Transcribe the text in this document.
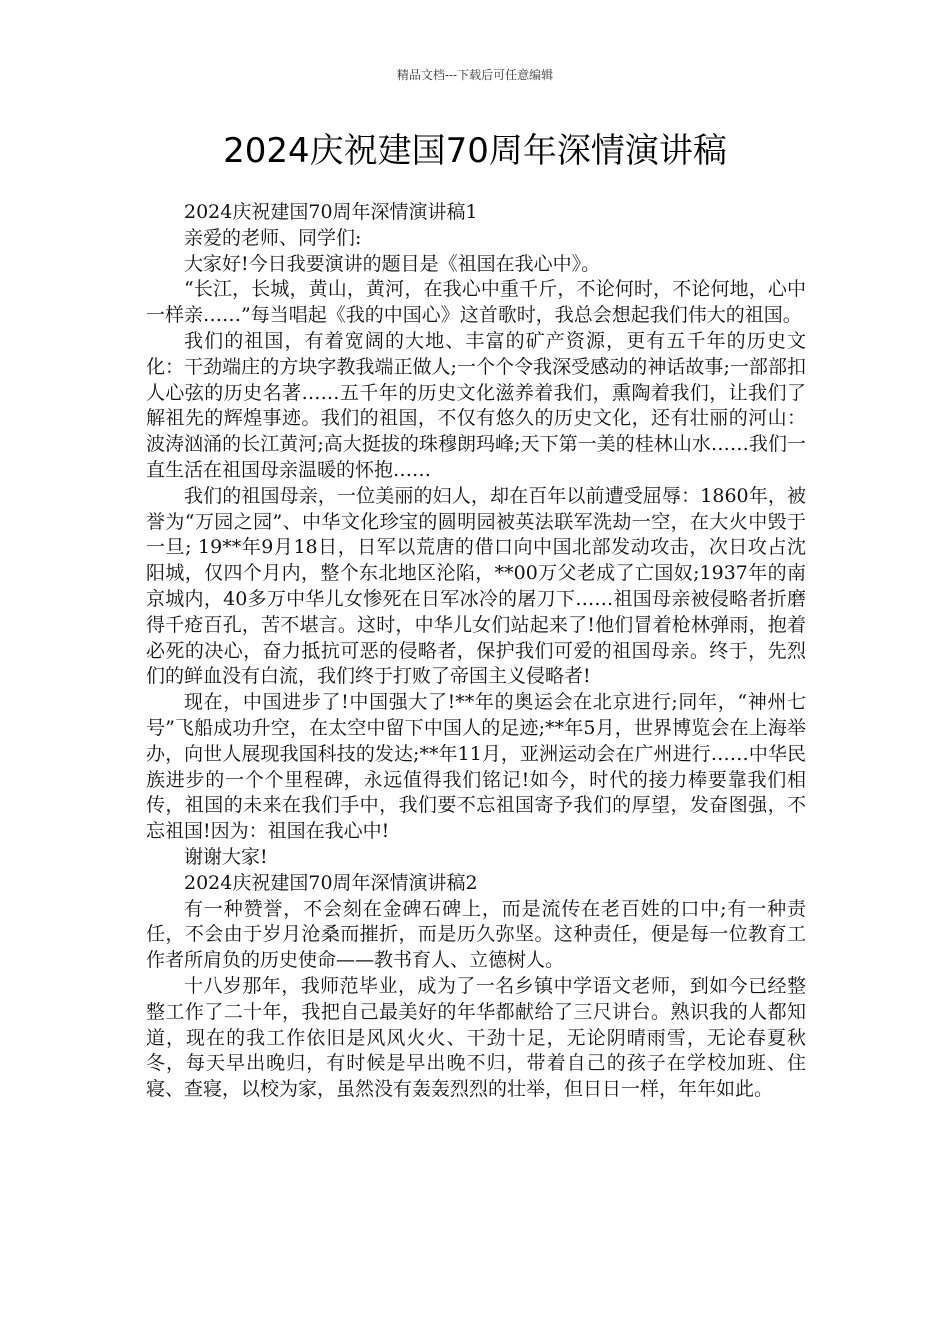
精品文档---下载后可任意编辑
2024庆祝建国70周年深情演讲稿

2024庆祝建国70周年深情演讲稿1

亲爱的老师、同学们:

大家好!今日我要演讲的题目是《祖国在我心中》。

“长江，长城，黄山，黄河，在我心中重千斤，不论何时，不论何地，心中一样亲……”每当唱起《我的中国心》这首歌时，我总会想起我们伟大的祖国。

我们的祖国，有着宽阔的大地、丰富的矿产资源，更有五千年的历史文化：干劲端庄的方块字教我端正做人;一个个令我深受感动的神话故事;一部部扣人心弦的历史名著……五千年的历史文化滋养着我们，熏陶着我们，让我们了解祖先的辉煌事迹。我们的祖国，不仅有悠久的历史文化，还有壮丽的河山：波涛汹涌的长江黄河;高大挺拔的珠穆朗玛峰;天下第一美的桂林山水……我们一直生活在祖国母亲温暖的怀抱……

我们的祖国母亲，一位美丽的妇人，却在百年以前遭受屈辱：1860年，被誉为“万园之园”、中华文化珍宝的圆明园被英法联军洗劫一空，在大火中毁于一旦; 19**年9月18日，日军以荒唐的借口向中国北部发动攻击，次日攻占沈阳城，仅四个月内，整个东北地区沦陷，**00万父老成了亡国奴;1937年的南京城内，40多万中华儿女惨死在日军冰冷的屠刀下……祖国母亲被侵略者折磨得千疮百孔，苦不堪言。这时，中华儿女们站起来了!他们冒着枪林弹雨，抱着必死的决心，奋力抵抗可恶的侵略者，保护我们可爱的祖国母亲。终于，先烈们的鲜血没有白流，我们终于打败了帝国主义侵略者!

现在，中国进步了!中国强大了!**年的奥运会在北京进行;同年，“神州七号”飞船成功升空，在太空中留下中国人的足迹;**年5月，世界博览会在上海举办，向世人展现我国科技的发达;**年11月，亚洲运动会在广州进行……中华民族进步的一个个里程碑，永远值得我们铭记!如今，时代的接力棒要靠我们相传，祖国的未来在我们手中，我们要不忘祖国寄予我们的厚望，发奋图强，不忘祖国!因为：祖国在我心中!

谢谢大家!

2024庆祝建国70周年深情演讲稿2

有一种赞誉，不会刻在金碑石碑上，而是流传在老百姓的口中;有一种责任，不会由于岁月沧桑而摧折，而是历久弥坚。这种责任，便是每一位教育工作者所肩负的历史使命——教书育人、立德树人。

十八岁那年，我师范毕业，成为了一名乡镇中学语文老师，到如今已经整整工作了二十年，我把自己最美好的年华都献给了三尺讲台。熟识我的人都知道，现在的我工作依旧是风风火火、干劲十足，无论阴晴雨雪，无论春夏秋冬，每天早出晚归，有时候是早出晚不归，带着自己的孩子在学校加班、住寝、查寝，以校为家，虽然没有轰轰烈烈的壮举，但日日一样，年年如此。
